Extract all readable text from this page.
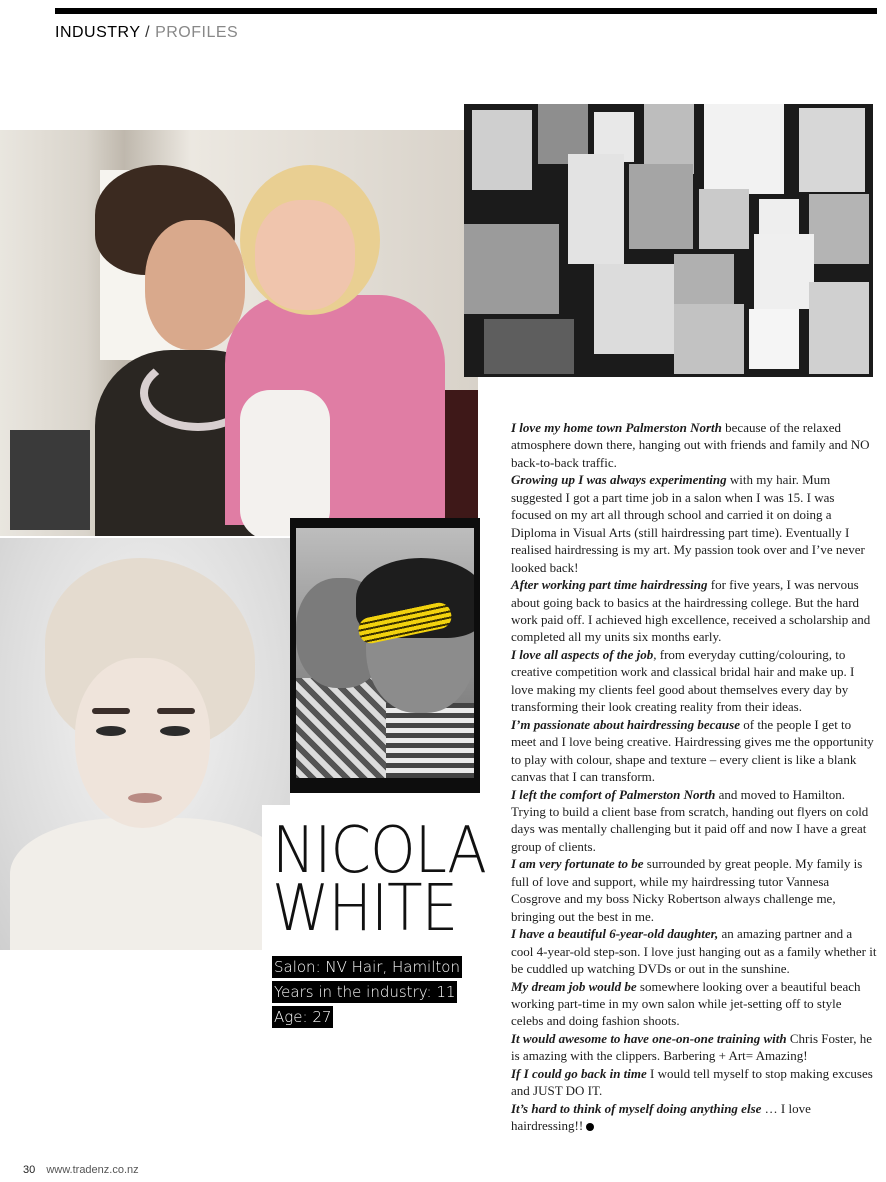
INDUSTRY / PROFILES
NICOLA
WHITE
Salon: NV Hair, Hamilton
Years in the industry: 11
Age: 27

I love my home town Palmerston North because of the relaxed atmosphere down there, hanging out with friends and family and NO back-to-back traffic.

Growing up I was always experimenting with my hair. Mum suggested I got a part time job in a salon when I was 15. I was focused on my art all through school and carried it on doing a Diploma in Visual Arts (still hairdressing part time). Eventually I realised hairdressing is my art. My passion took over and I’ve never looked back!

After working part time hairdressing for five years, I was nervous about going back to basics at the hairdressing college. But the hard work paid off. I achieved high excellence, received a scholarship and completed all my units six months early.

I love all aspects of the job, from everyday cutting/colouring, to creative competition work and classical bridal hair and make up. I love making my clients feel good about themselves every day by transforming their look creating reality from their ideas.

I’m passionate about hairdressing because of the people I get to meet and I love being creative. Hairdressing gives me the opportunity to play with colour, shape and texture – every client is like a blank canvas that I can transform.

I left the comfort of Palmerston North and moved to Hamilton. Trying to build a client base from scratch, handing out flyers on cold days was mentally challenging but it paid off and now I have a great group of clients.

I am very fortunate to be surrounded by great people. My family is full of love and support, while my hairdressing tutor Vannesa Cosgrove and my boss Nicky Robertson always challenge me, bringing out the best in me.

I have a beautiful 6-year-old daughter, an amazing partner and a cool 4-year-old step-son. I love just hanging out as a family whether it be cuddled up watching DVDs or out in the sunshine.

My dream job would be somewhere looking over a beautiful beach working part-time in my own salon while jet-setting off to style celebs and doing fashion shoots.

It would awesome to have one-on-one training with Chris Foster, he is amazing with the clippers. Barbering + Art= Amazing!

If I could go back in time I would tell myself to stop making excuses and JUST DO IT.

It’s hard to think of myself doing anything else … I love hairdressing!!

30 www.tradenz.co.nz
